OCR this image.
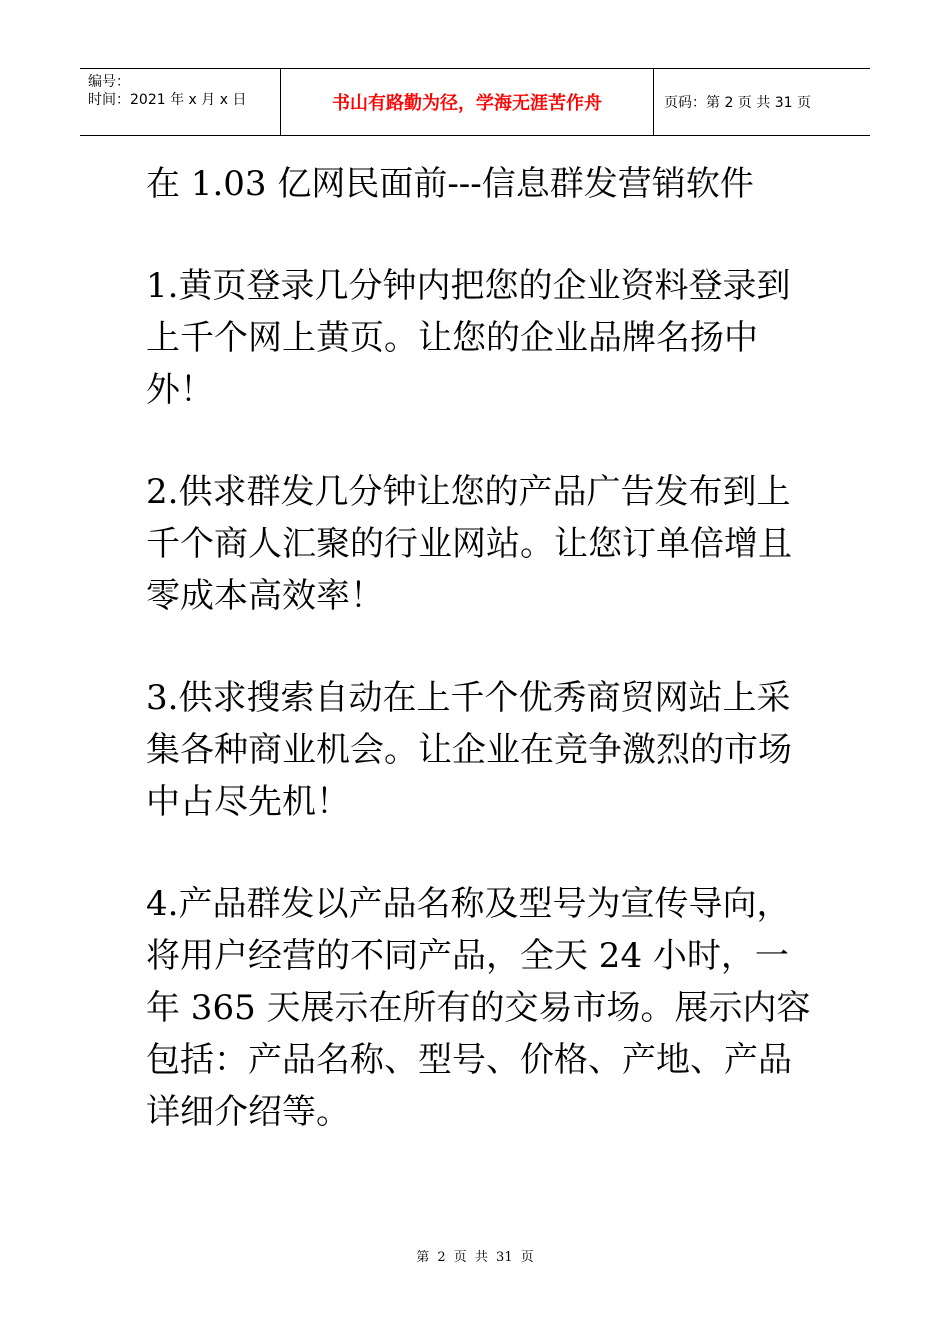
编号：
时间：2021 年 x 月 x 日	书山有路勤为径，学海无涯苦作舟	页码：第 2 页 共 31 页
在 1.03 亿网民面前---信息群发营销软件
1.黄页登录几分钟内把您的企业资料登录到上千个网上黄页。让您的企业品牌名扬中外！
2.供求群发几分钟让您的产品广告发布到上千个商人汇聚的行业网站。让您订单倍增且零成本高效率！
3.供求搜索自动在上千个优秀商贸网站上采集各种商业机会。让企业在竞争激烈的市场中占尽先机！
4.产品群发以产品名称及型号为宣传导向，将用户经营的不同产品，全天 24 小时，一年 365 天展示在所有的交易市场。展示内容包括：产品名称、型号、价格、产地、产品详细介绍等。
第 2 页 共 31 页
